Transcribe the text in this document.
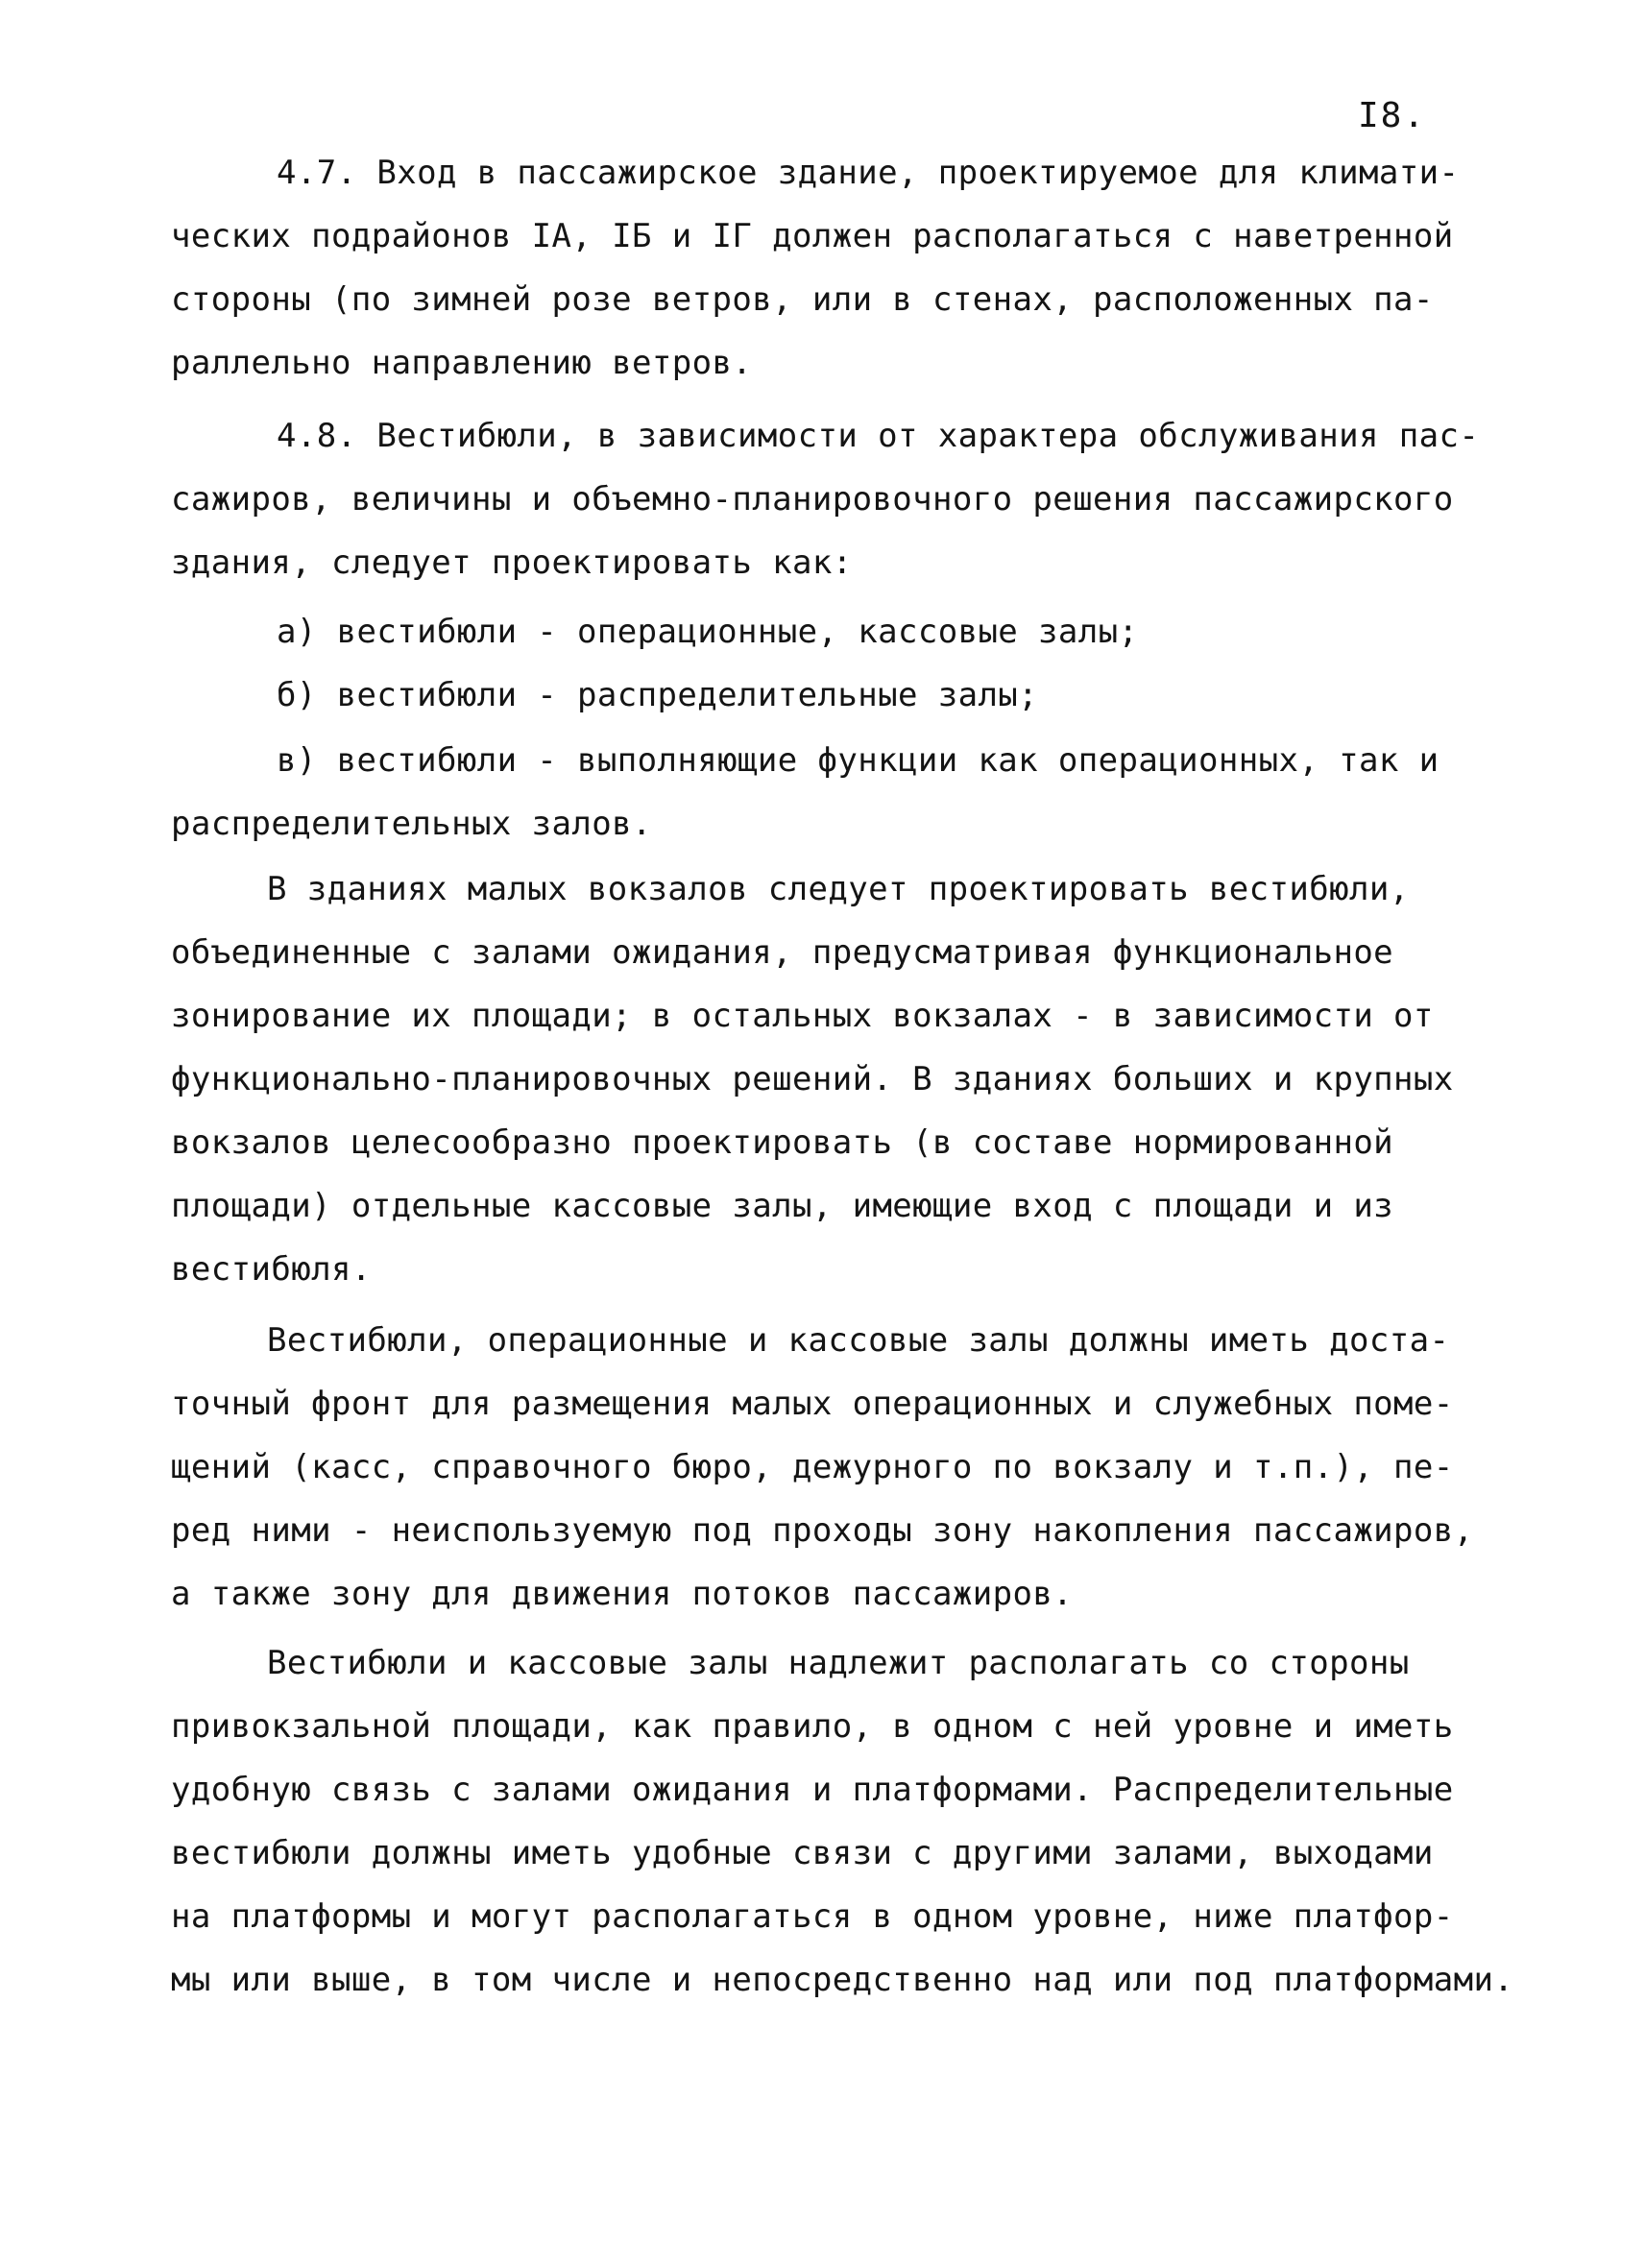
I8.
4.7. Вход в пассажирское здание, проектируемое для климати-
ческих подрайонов IA, IБ и IГ должен располагаться с наветренной
стороны (по зимней розе ветров, или в стенах, расположенных па-
раллельно направлению ветров.
4.8. Вестибюли, в зависимости от характера обслуживания пас-
сажиров, величины и объемно-планировочного решения пассажирского
здания, следует проектировать как:
а) вестибюли - операционные, кассовые залы;
б) вестибюли - распределительные залы;
в) вестибюли - выполняющие функции как операционных, так и
распределительных залов.
В зданиях малых вокзалов следует проектировать вестибюли,
объединенные с залами ожидания, предусматривая функциональное
зонирование их площади; в остальных вокзалах - в зависимости от
функционально-планировочных решений. В зданиях больших и крупных
вокзалов целесообразно проектировать (в составе нормированной
площади) отдельные кассовые залы, имеющие вход с площади и из
вестибюля.
Вестибюли, операционные и кассовые залы должны иметь доста-
точный фронт для размещения малых операционных и служебных поме-
щений (касс, справочного бюро, дежурного по вокзалу и т.п.), пе-
ред ними - неиспользуемую под проходы зону накопления пассажиров,
а также зону для движения потоков пассажиров.
Вестибюли и кассовые залы надлежит располагать со стороны
привокзальной площади, как правило, в одном с ней уровне и иметь
удобную связь с залами ожидания и платформами. Распределительные
вестибюли должны иметь удобные связи с другими залами, выходами
на платформы и могут располагаться в одном уровне, ниже платфор-
мы или выше, в том числе и непосредственно над или под платформами.
